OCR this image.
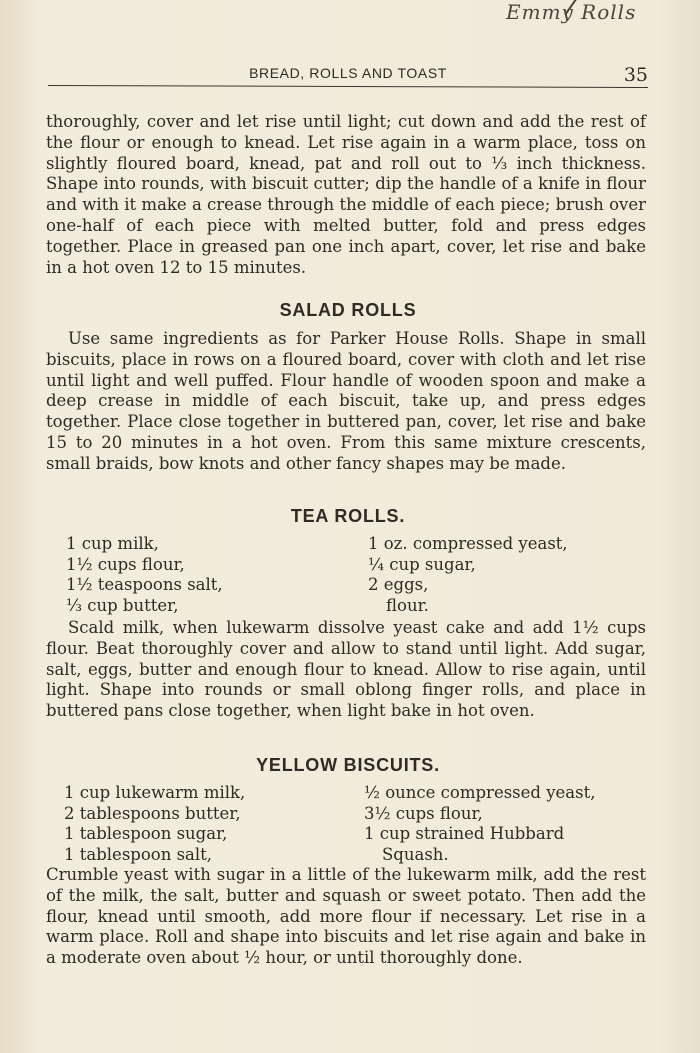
Emmy Rolls
BREAD, ROLLS AND TOAST	35

thoroughly, cover and let rise until light; cut down and add the rest of the flour or enough to knead. Let rise again in a warm place, toss on slightly floured board, knead, pat and roll out to ⅓ inch thickness. Shape into rounds, with biscuit cutter; dip the handle of a knife in flour and with it make a crease through the middle of each piece; brush over one-half of each piece with melted butter, fold and press edges together. Place in greased pan one inch apart, cover, let rise and bake in a hot oven 12 to 15 minutes.

SALAD ROLLS

Use same ingredients as for Parker House Rolls. Shape in small biscuits, place in rows on a floured board, cover with cloth and let rise until light and well puffed. Flour handle of wooden spoon and make a deep crease in middle of each biscuit, take up, and press edges together. Place close together in buttered pan, cover, let rise and bake 15 to 20 minutes in a hot oven. From this same mixture crescents, small braids, bow knots and other fancy shapes may be made.

TEA ROLLS.
1 cup milk,
1½ cups flour,
1½ teaspoons salt,
⅓ cup butter,
1 oz. compressed yeast,
¼ cup sugar,
2 eggs,
flour.

Scald milk, when lukewarm dissolve yeast cake and add 1½ cups flour. Beat thoroughly cover and allow to stand until light. Add sugar, salt, eggs, butter and enough flour to knead. Allow to rise again, until light. Shape into rounds or small oblong finger rolls, and place in buttered pans close together, when light bake in hot oven.

YELLOW BISCUITS.
1 cup lukewarm milk,
2 tablespoons butter,
1 tablespoon sugar,
1 tablespoon salt,
½ ounce compressed yeast,
3½ cups flour,
1 cup strained Hubbard
Squash.

Crumble yeast with sugar in a little of the lukewarm milk, add the rest of the milk, the salt, butter and squash or sweet potato. Then add the flour, knead until smooth, add more flour if necessary. Let rise in a warm place. Roll and shape into biscuits and let rise again and bake in a moderate oven about ½ hour, or until thoroughly done.
